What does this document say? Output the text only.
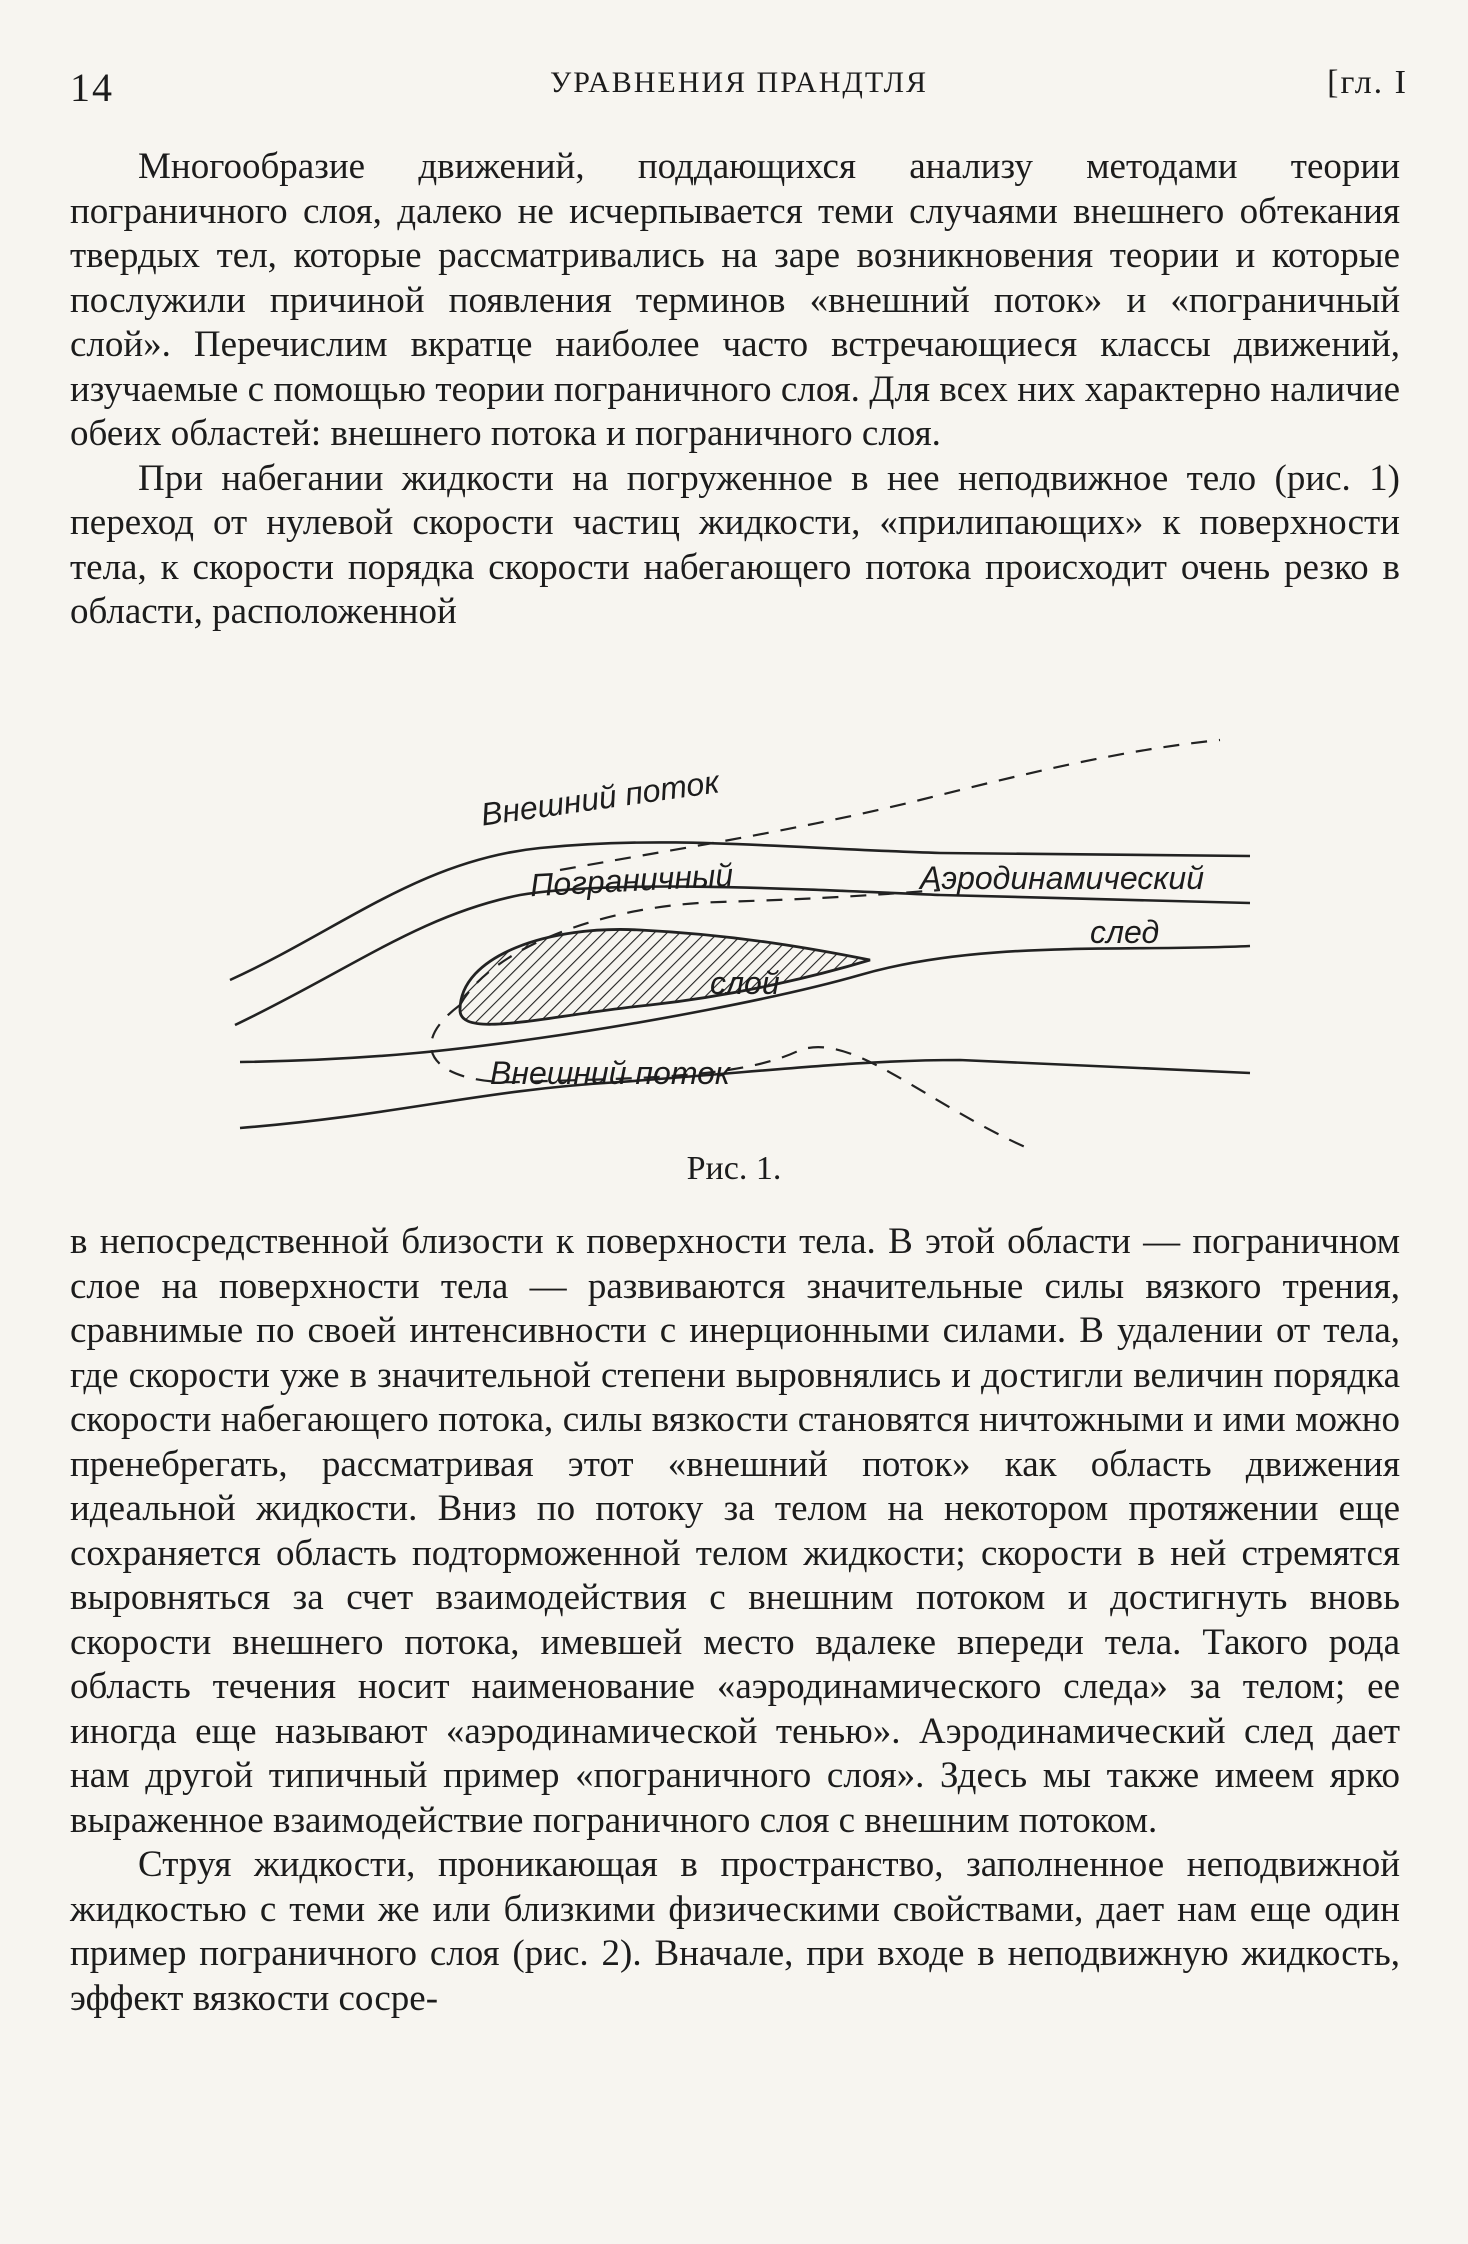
14	УРАВНЕНИЯ ПРАНДТЛЯ	[гл. I

Многообразие движений, поддающихся анализу методами теории пограничного слоя, далеко не исчерпывается теми случаями внешнего обтекания твердых тел, которые рассматривались на заре возникновения теории и которые послужили причиной появления терминов «внешний поток» и «пограничный слой». Перечислим вкратце наиболее часто встречающиеся классы движений, изучаемые с помощью теории пограничного слоя. Для всех них характерно наличие обеих областей: внешнего потока и пограничного слоя.

При набегании жидкости на погруженное в нее неподвижное тело (рис. 1) переход от нулевой скорости частиц жидкости, «прилипающих» к поверхности тела, к скорости порядка скорости набегающего потока происходит очень резко в области, расположенной

Внешний поток
Пограничный
слой
Аэродинамический
след
Внешний поток
Рис. 1.

в непосредственной близости к поверхности тела. В этой области — пограничном слое на поверхности тела — развиваются значительные силы вязкого трения, сравнимые по своей интенсивности с инерционными силами. В удалении от тела, где скорости уже в значительной степени выровнялись и достигли величин порядка скорости набегающего потока, силы вязкости становятся ничтожными и ими можно пренебрегать, рассматривая этот «внешний поток» как область движения идеальной жидкости. Вниз по потоку за телом на некотором протяжении еще сохраняется область подторможенной телом жидкости; скорости в ней стремятся выровняться за счет взаимодействия с внешним потоком и достигнуть вновь скорости внешнего потока, имевшей место вдалеке впереди тела. Такого рода область течения носит наименование «аэродинамического следа» за телом; ее иногда еще называют «аэродинамической тенью». Аэродинамический след дает нам другой типичный пример «пограничного слоя». Здесь мы также имеем ярко выраженное взаимодействие пограничного слоя с внешним потоком.

Струя жидкости, проникающая в пространство, заполненное неподвижной жидкостью с теми же или близкими физическими свойствами, дает нам еще один пример пограничного слоя (рис. 2). Вначале, при входе в неподвижную жидкость, эффект вязкости сосре-
